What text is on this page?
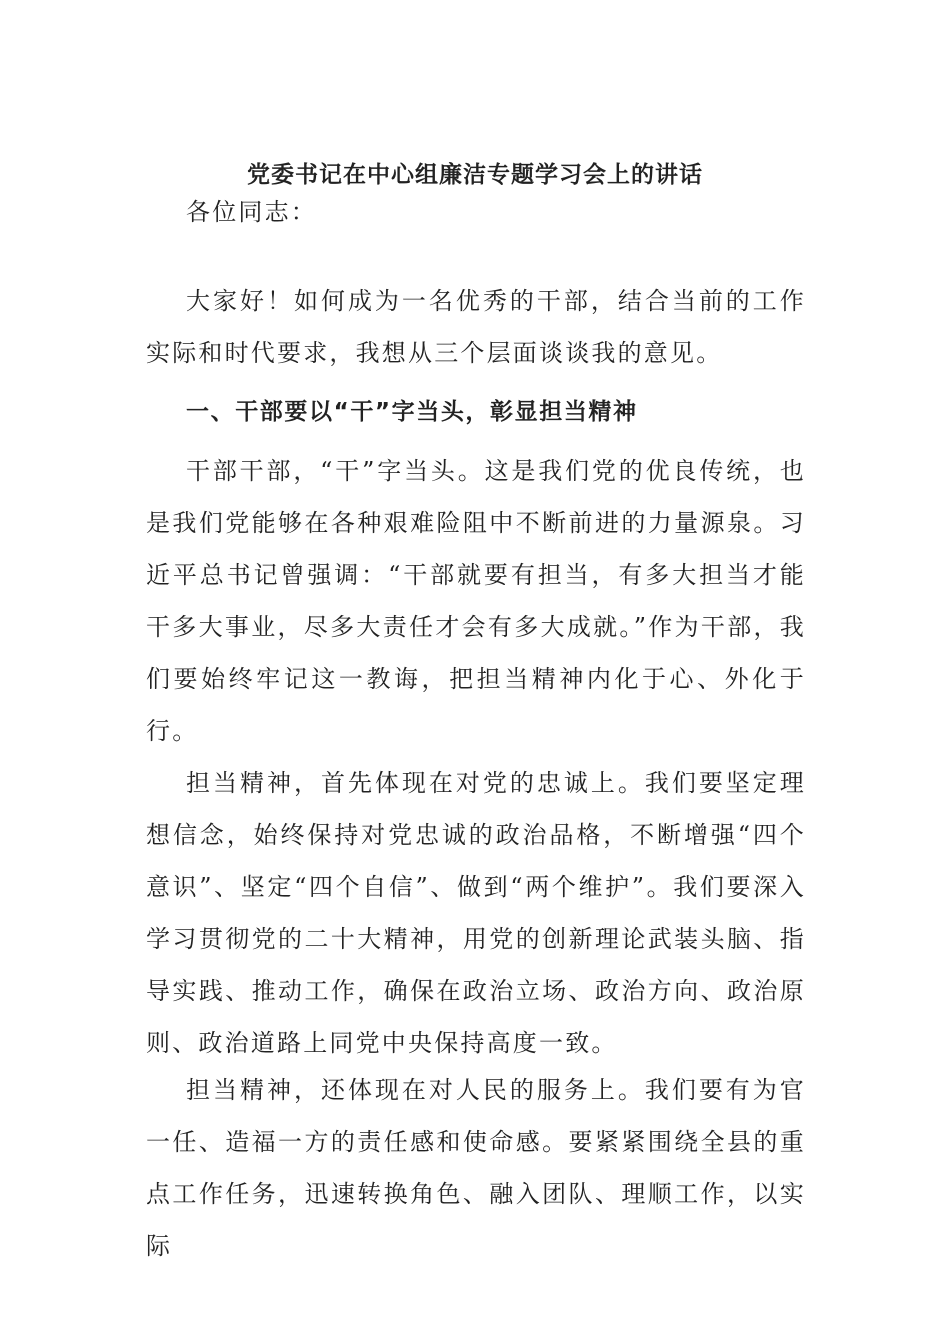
党委书记在中心组廉洁专题学习会上的讲话

各位同志：

大家好！如何成为一名优秀的干部，结合当前的工作实际和时代要求，我想从三个层面谈谈我的意见。

一、干部要以“干”字当头，彰显担当精神

干部干部，“干”字当头。这是我们党的优良传统，也是我们党能够在各种艰难险阻中不断前进的力量源泉。习近平总书记曾强调：“干部就要有担当，有多大担当才能干多大事业，尽多大责任才会有多大成就。”作为干部，我们要始终牢记这一教诲，把担当精神内化于心、外化于行。

担当精神，首先体现在对党的忠诚上。我们要坚定理想信念，始终保持对党忠诚的政治品格，不断增强“四个意识”、坚定“四个自信”、做到“两个维护”。我们要深入学习贯彻党的二十大精神，用党的创新理论武装头脑、指导实践、推动工作，确保在政治立场、政治方向、政治原则、政治道路上同党中央保持高度一致。

担当精神，还体现在对人民的服务上。我们要有为官一任、造福一方的责任感和使命感。要紧紧围绕全县的重点工作任务，迅速转换角色、融入团队、理顺工作，以实际
